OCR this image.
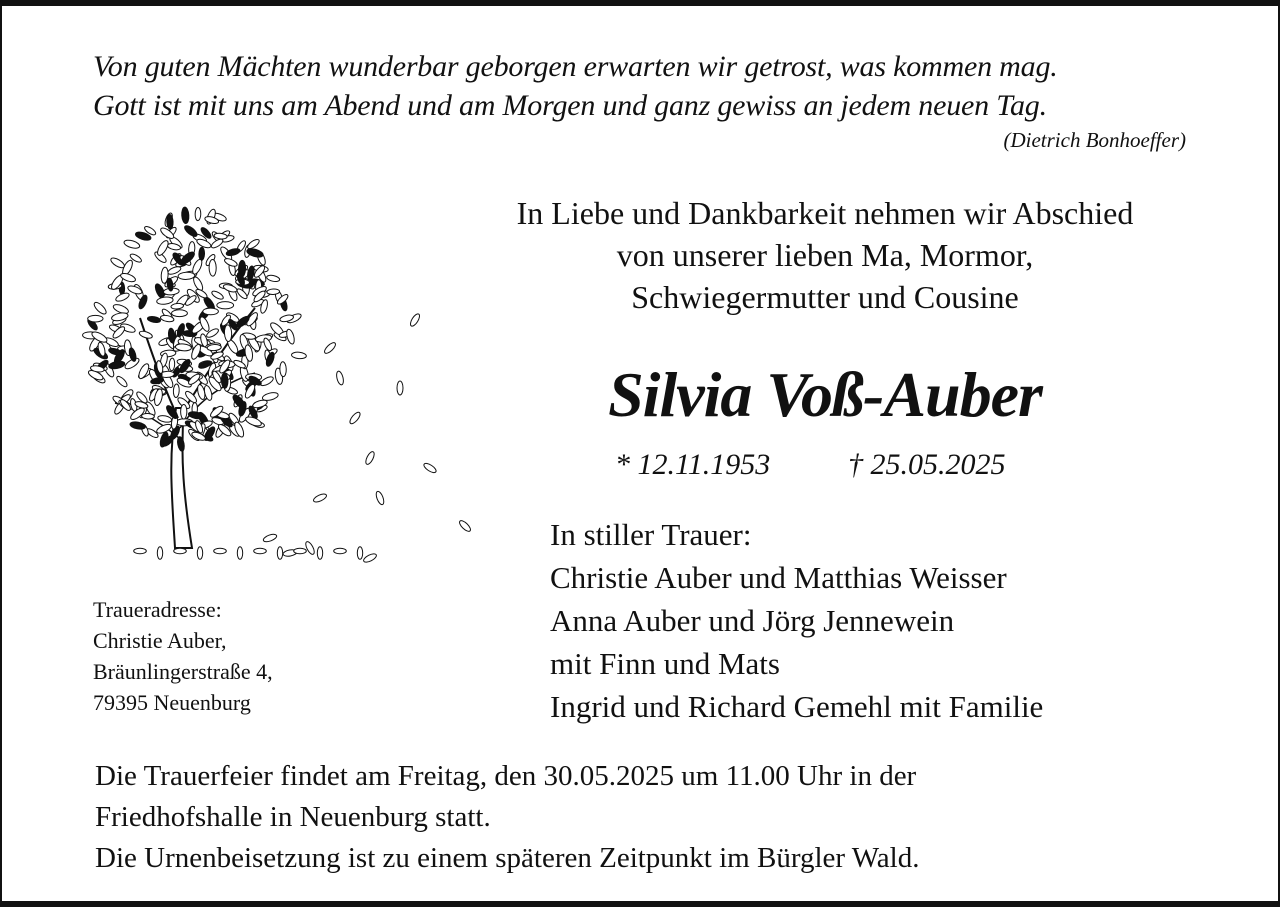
Von guten Mächten wunderbar geborgen erwarten wir getrost, was kommen mag.
Gott ist mit uns am Abend und am Morgen und ganz gewiss an jedem neuen Tag.
(Dietrich Bonhoeffer)
In Liebe und Dankbarkeit nehmen wir Abschied
von unserer lieben Ma, Mormor,
Schwiegermutter und Cousine
Silvia Voß-Auber
* 12.11.1953	† 25.05.2025
In stiller Trauer:
Christie Auber und Matthias Weisser
Anna Auber und Jörg Jennewein
mit Finn und Mats
Ingrid und Richard Gemehl mit Familie
Traueradresse:
Christie Auber,
Bräunlingerstraße 4,
79395 Neuenburg
Die Trauerfeier findet am Freitag, den 30.05.2025 um 11.00 Uhr in der
Friedhofshalle in Neuenburg statt.
Die Urnenbeisetzung ist zu einem späteren Zeitpunkt im Bürgler Wald.
